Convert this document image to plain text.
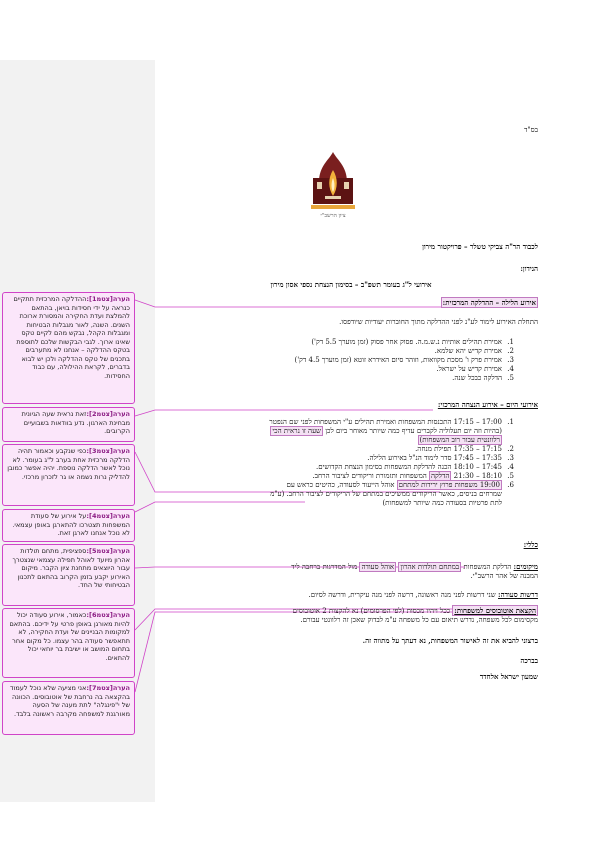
בס"ד
ציון הרשב"י
לכבוד הר"ה צביקי טשלר – פרויקטור מירון
הנידון:
אירועי ל"ג בעומר תשפ"ב – בסימון הנצחת נספי אסון מירון
אירוע הלילה – ההדלקה המרכזית:
התחלת האירוע לימוד לע"נ לפני ההדלקה מתוך החוברות יעודיות שיודפסו.
1.אמירת תהילים אותיות נ.ש.מ.ה. פסוק אחר פסוק (זמן מוערך 5.5 דק')
2.אמירת קדיש יהא שלמא.
3.אמירת פרק ו' מסכת מקוואות, וזוהר סיום האידרא זוטא (זמן מוערך 4.5 דק')
4.אמירת קדיש על ישראל.
5.הדלקה כבכל שנה.
אירועי היום – אירוע הנצחה המרכזי:
1.17:00 – 17:15 התכנסות המשפחות ואמירת תהילים ע"י המשפחות לפני שם הנפטר
(בהיות וזה יום תעלוליה לקברים עדיף כמה שיותר מאוחר ביום לכן שעה זו נראית הכי
רלוונטית עבור רוב המשפחות)
2.17:15 – 17:35 תפילת מנחה.
3.17:35 – 17:45 סדר לימוד הנ"ל באירוע הלילה.
4.17:45 – 18:10 הכנה להדלקת המשפחות בסימון הנצחת הקדושים.
5.18:10 – 21:30 הדלקה המשפחות ותזמורת וריקודים לציבור הרחב.
6.19:00 משפחות פרוץ ירידות למתחם אוהל הייעוד לסעודה, כהיטים כראש עם
שמרחים בניסים, כאשר הריקודים ממשיכים במתחם של הריקודים לציבור הרחב. (ע"מ
לתת פרטיות בסעודה כמה שיותר למשפחות)
כללי:
מיקומים: הדלקת המשפחות במתחם תולדות אהרון אוהל סעודה מול המדרגות ברחבה ליד
המבנה של אהר הרשב"י.
דרשות סעודה: שני דרשות לפני מנה ראשונה, דרשה לפני מנה עיקרית, ודרשה לסיום.
הקצאת אוטובוסים למשפחות: ככל ויהיו מכסות (לפי הפרסומים) נא להקצות 2 אוטובוסים
מקסימום לכל משפחה, נדרש תיאום עם כל משפחה ע"מ לבדוק שאכן זה רלוונטי עבורם.
ברצוני להביא את זה לאישור המשפחות, נא דעתך על מתווה זה.
בברכה
שמעון ישראל אלחדד
הערה[צטמ1]:ההדלקה המרכזית תתקיים כנראה על ידי חסידות בויאן, בהתאם להמלצת ועדת החקירה והמסורת ארוכת השנים. השנה, לאור מגבלות הבטיחות ומגבלות הקהל, נבקש מהם לקיים טקס שאינו ארוך. לגבי הבקשות שלכם לתוספת בטקס ההדלקה – אנחנו לא מתערבים בתכנים של טקס ההדלקה ולכן יש לבוא בדברים, לקראת ההילולה, עם כבוד החסידות.
הערה[צטמ2]:זאת נראית שעה הגיונית מבחינת הארגון. נדע בוודאות בשבועיים הקרובים.
הערה[צטמ3]:כפי שנקבע וכאמור תהיה הדלקה מרכזית אחת בערב ל"ג בעומר. לא נוכל לאשר הדלקה נוספת. יהיה אפשר כמובן להדליק נרות נשמה או גר לזכרון מרכזי.
הערה[צטמ4]:על אירוע של סעודת המשפחות תצטרכו להתארגן באופן עצמאי. לא נוכל אנחנו לארגן זאת.
הערה[צטמ5]:ספציפית, מתחם תולדות אהרון מיועד לאוהל תפילה עצמאי שנצטרך עבור היוצאים מתחנת ציון הקבר. מיקום האירוע יקבע בזמן הקרוב בהתאם לתכנון הבטיחותי של החד.
הערה[צטמ6]:כאמור, אירוע סעודה יכול להיות מאורגן באופן פרטי על ידיכם. בהתאם למקומות הבניינים של ועדת החקירה, לא תתאפשר סעודה בהר עצמו. כל מקום אחר בתחום המושב או ישיבת בר יוחאי יכול להתאים.
הערה[צטמ7]:אני מציעה שלא נוכל לעמוד בהקצאה בה נרחבת של אוטובוסים. הכוונה של י"פינגלה" לתת מענה של הסעה מאורגנת למשפחה מקרבה ראשונה בלבד.
